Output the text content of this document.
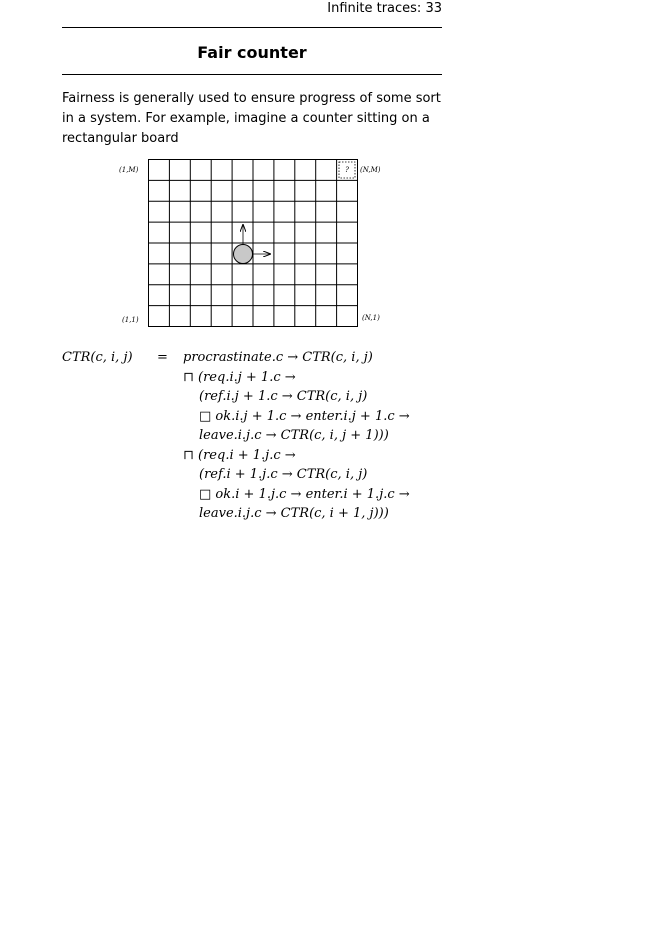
Infinite traces: 33
Fair counter
Fairness is generally used to ensure progress of some sort in a system. For example, imagine a counter sitting on a rectangular board
?
(1,M)	(N,M)
(1,1)	(N,1)
CTR(c, i, j) = procrastinate.c → CTR(c, i, j)
⊓ (req.i.j + 1.c →
(ref.i.j + 1.c → CTR(c, i, j)
□ ok.i.j + 1.c → enter.i.j + 1.c →
leave.i.j.c → CTR(c, i, j + 1)))
⊓ (req.i + 1.j.c →
(ref.i + 1.j.c → CTR(c, i, j)
□ ok.i + 1.j.c → enter.i + 1.j.c →
leave.i.j.c → CTR(c, i + 1, j)))
